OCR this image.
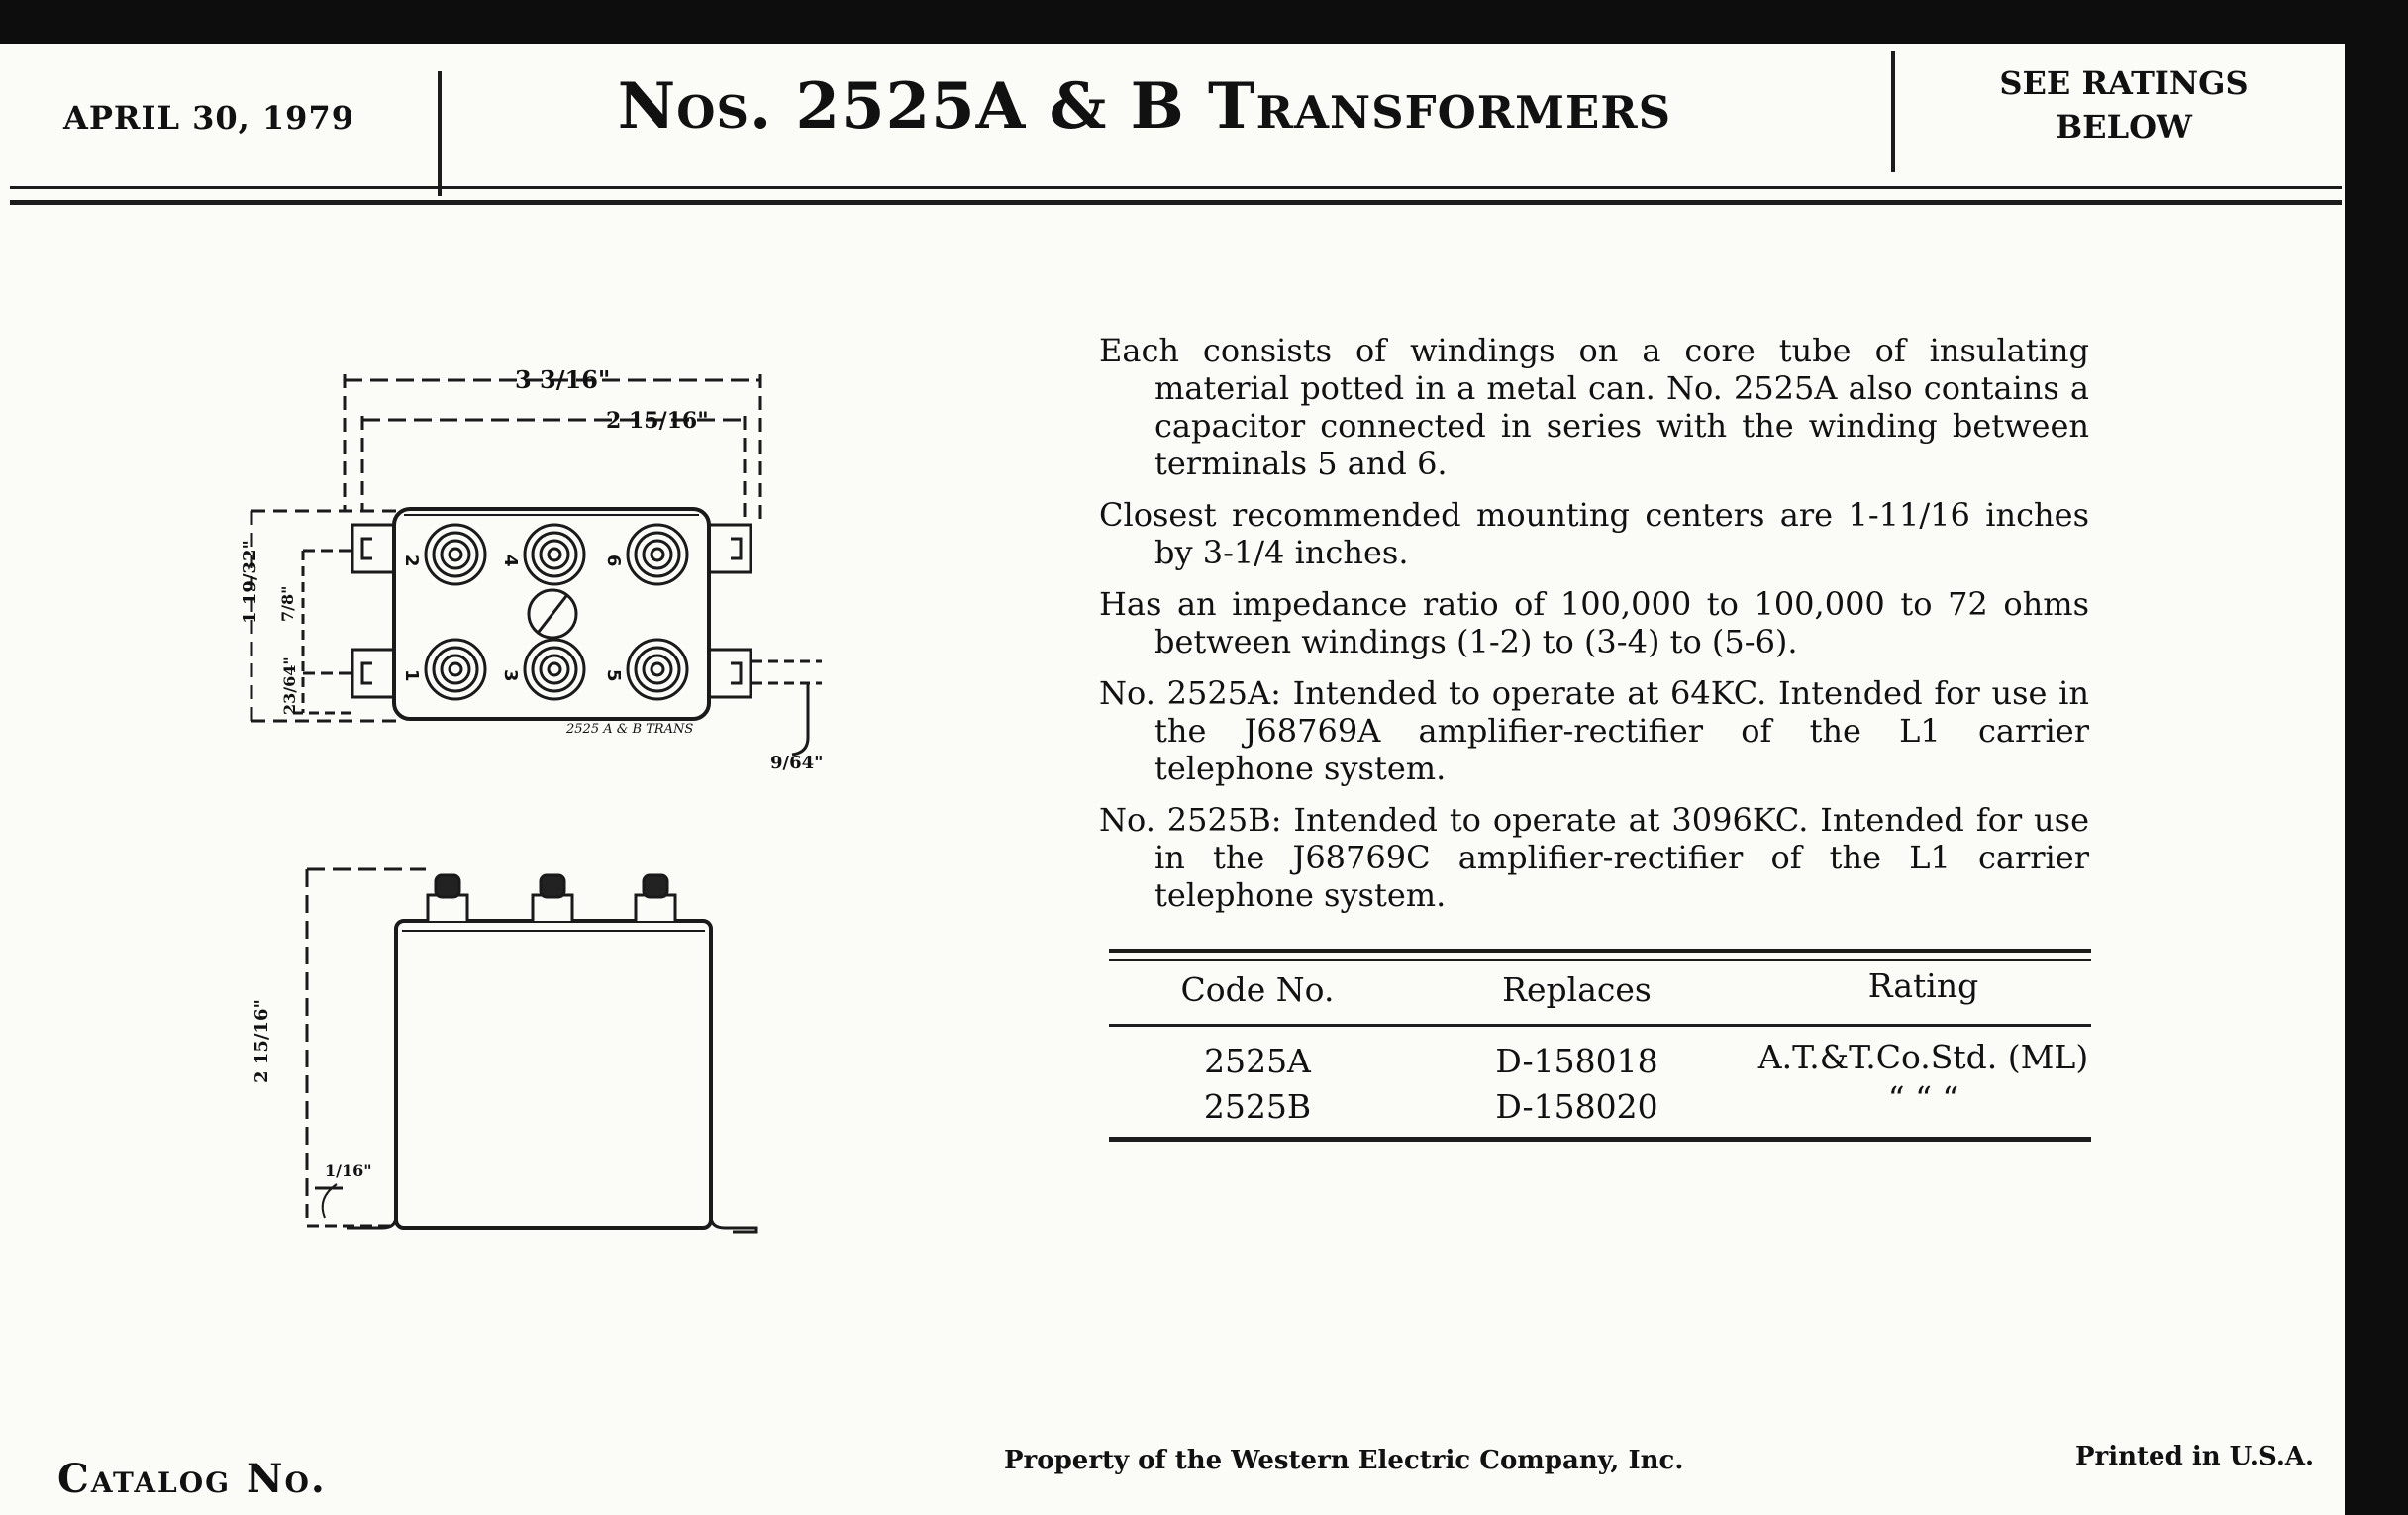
APRIL 30, 1979	Nos. 2525A & B Transformers	SEE RATINGS
BELOW
3 3/16"
2 15/16"
1 19/32" 7/8"
23/64"
9/64"
2525 A & B TRANS
2 15/16"
1/16"
2	4	6
1	3	5

Each consists of windings on a core tube of insulating material potted in a metal can. No. 2525A also contains a capacitor connected in series with the winding between terminals 5 and 6.

Closest recommended mounting centers are 1-11/16 inches by 3-1/4 inches.

Has an impedance ratio of 100,000 to 100,000 to 72 ohms between windings (1-2) to (3-4) to (5-6).

No. 2525A: Intended to operate at 64KC. Intended for use in the J68769A amplifier-rectifier of the L1 carrier telephone system.

No. 2525B: Intended to operate at 3096KC. Intended for use in the J68769C amplifier-rectifier of the L1 carrier telephone system.

Code No.	Replaces	Rating
2525A	D-158018	A.T.&T.Co.Std. (ML)
2525B	D-158020	“ “ “
Catalog No.	Property of the Western Electric Company, Inc.	Printed in U.S.A.
